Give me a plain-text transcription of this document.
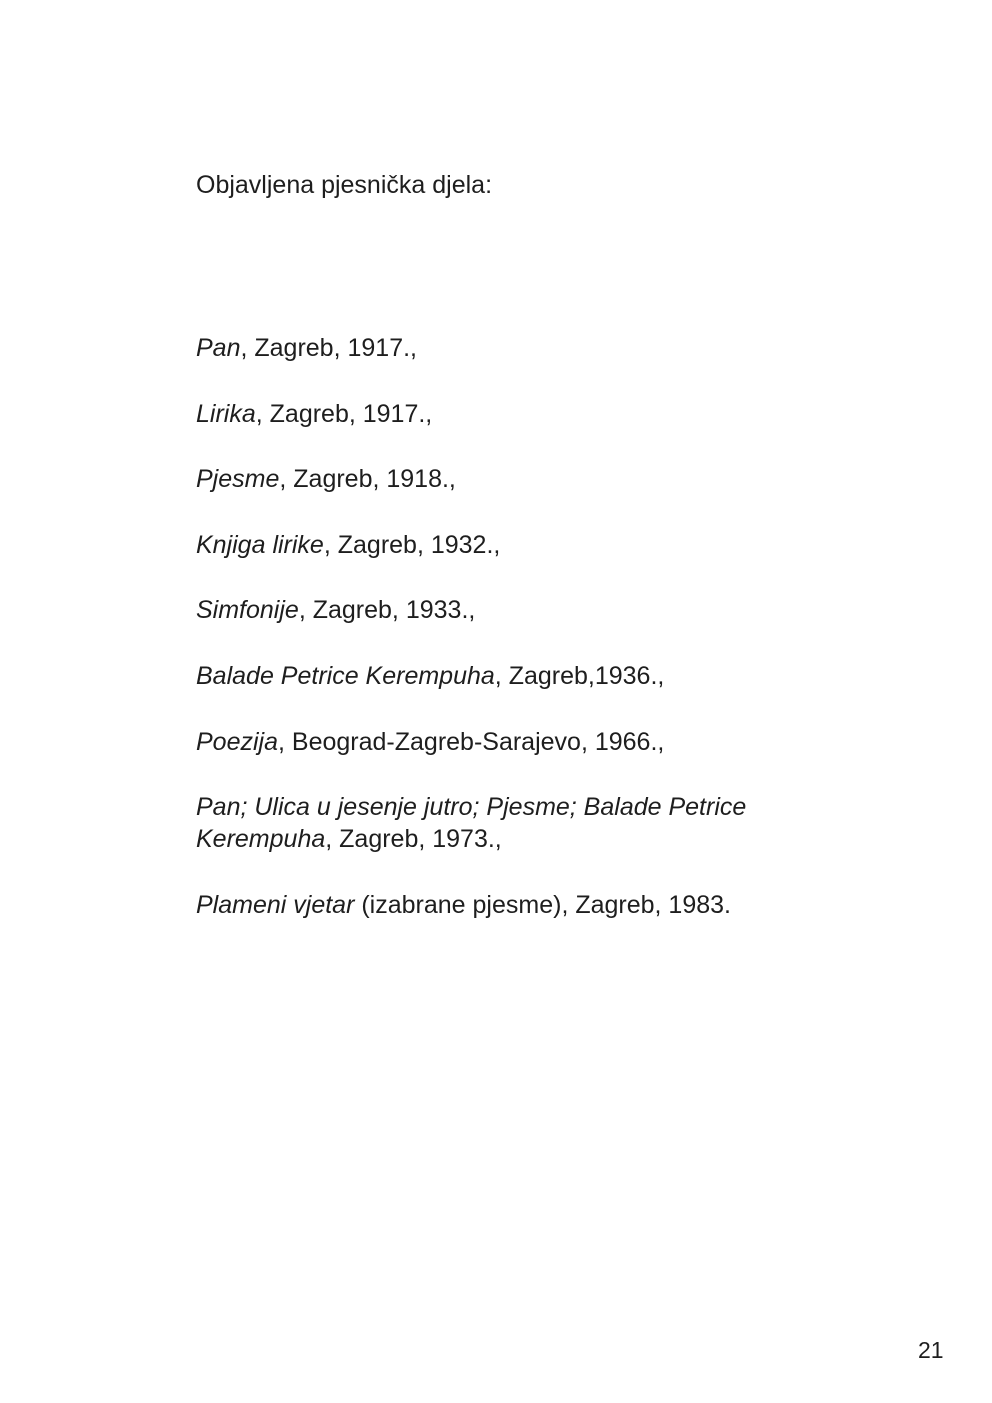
Objavljena pjesnička djela:

Pan, Zagreb, 1917.,
Lirika, Zagreb, 1917.,
Pjesme, Zagreb, 1918.,
Knjiga lirike, Zagreb, 1932.,
Simfonije, Zagreb, 1933.,
Balade Petrice Kerempuha, Zagreb,1936.,
Poezija, Beograd-Zagreb-Sarajevo, 1966.,
Pan; Ulica u jesenje jutro; Pjesme; Balade Petrice
Kerempuha, Zagreb, 1973.,
Plameni vjetar (izabrane pjesme), Zagreb, 1983.
21
